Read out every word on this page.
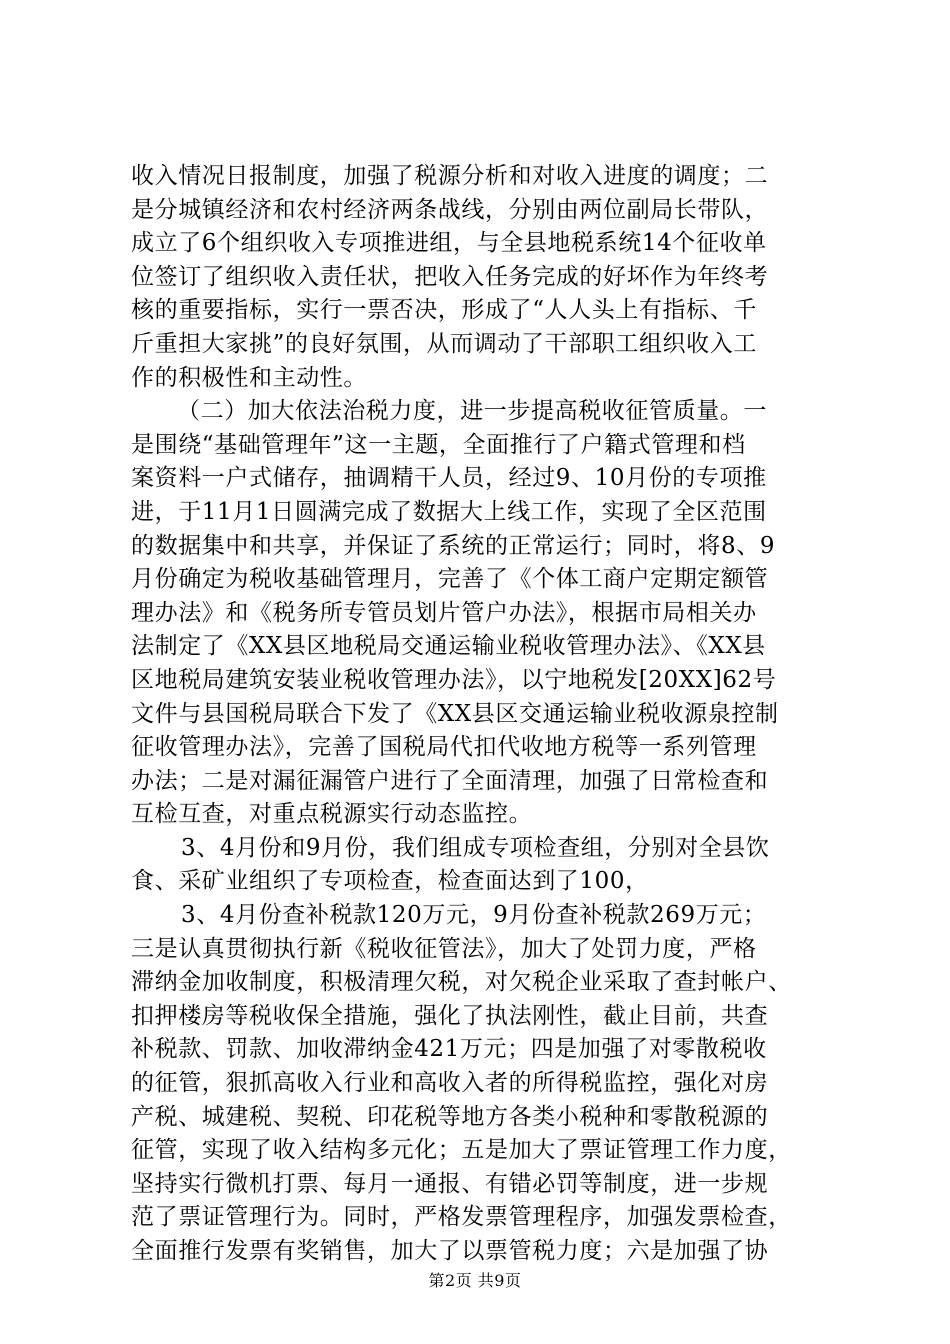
收入情况日报制度，加强了税源分析和对收入进度的调度；二
是分城镇经济和农村经济两条战线，分别由两位副局长带队，
成立了6个组织收入专项推进组，与全县地税系统14个征收单
位签订了组织收入责任状，把收入任务完成的好坏作为年终考
核的重要指标，实行一票否决，形成了“人人头上有指标、千
斤重担大家挑”的良好氛围，从而调动了干部职工组织收入工
作的积极性和主动性。
（二）加大依法治税力度，进一步提高税收征管质量。一
是围绕“基础管理年”这一主题，全面推行了户籍式管理和档
案资料一户式储存，抽调精干人员，经过9、10月份的专项推
进，于11月1日圆满完成了数据大上线工作，实现了全区范围
的数据集中和共享，并保证了系统的正常运行；同时，将8、9
月份确定为税收基础管理月，完善了《个体工商户定期定额管
理办法》和《税务所专管员划片管户办法》，根据市局相关办
法制定了《XX县区地税局交通运输业税收管理办法》、《XX县
区地税局建筑安装业税收管理办法》，以宁地税发[20XX]62号
文件与县国税局联合下发了《XX县区交通运输业税收源泉控制
征收管理办法》，完善了国税局代扣代收地方税等一系列管理
办法；二是对漏征漏管户进行了全面清理，加强了日常检查和
互检互查，对重点税源实行动态监控。
3、4月份和9月份，我们组成专项检查组，分别对全县饮
食、采矿业组织了专项检查，检查面达到了100，
3、4月份查补税款120万元，9月份查补税款269万元；
三是认真贯彻执行新《税收征管法》，加大了处罚力度，严格
滞纳金加收制度，积极清理欠税，对欠税企业采取了查封帐户、
扣押楼房等税收保全措施，强化了执法刚性，截止目前，共查
补税款、罚款、加收滞纳金421万元；四是加强了对零散税收
的征管，狠抓高收入行业和高收入者的所得税监控，强化对房
产税、城建税、契税、印花税等地方各类小税种和零散税源的
征管，实现了收入结构多元化；五是加大了票证管理工作力度，
坚持实行微机打票、每月一通报、有错必罚等制度，进一步规
范了票证管理行为。同时，严格发票管理程序，加强发票检查，
全面推行发票有奖销售，加大了以票管税力度；六是加强了协
第2页 共9页
